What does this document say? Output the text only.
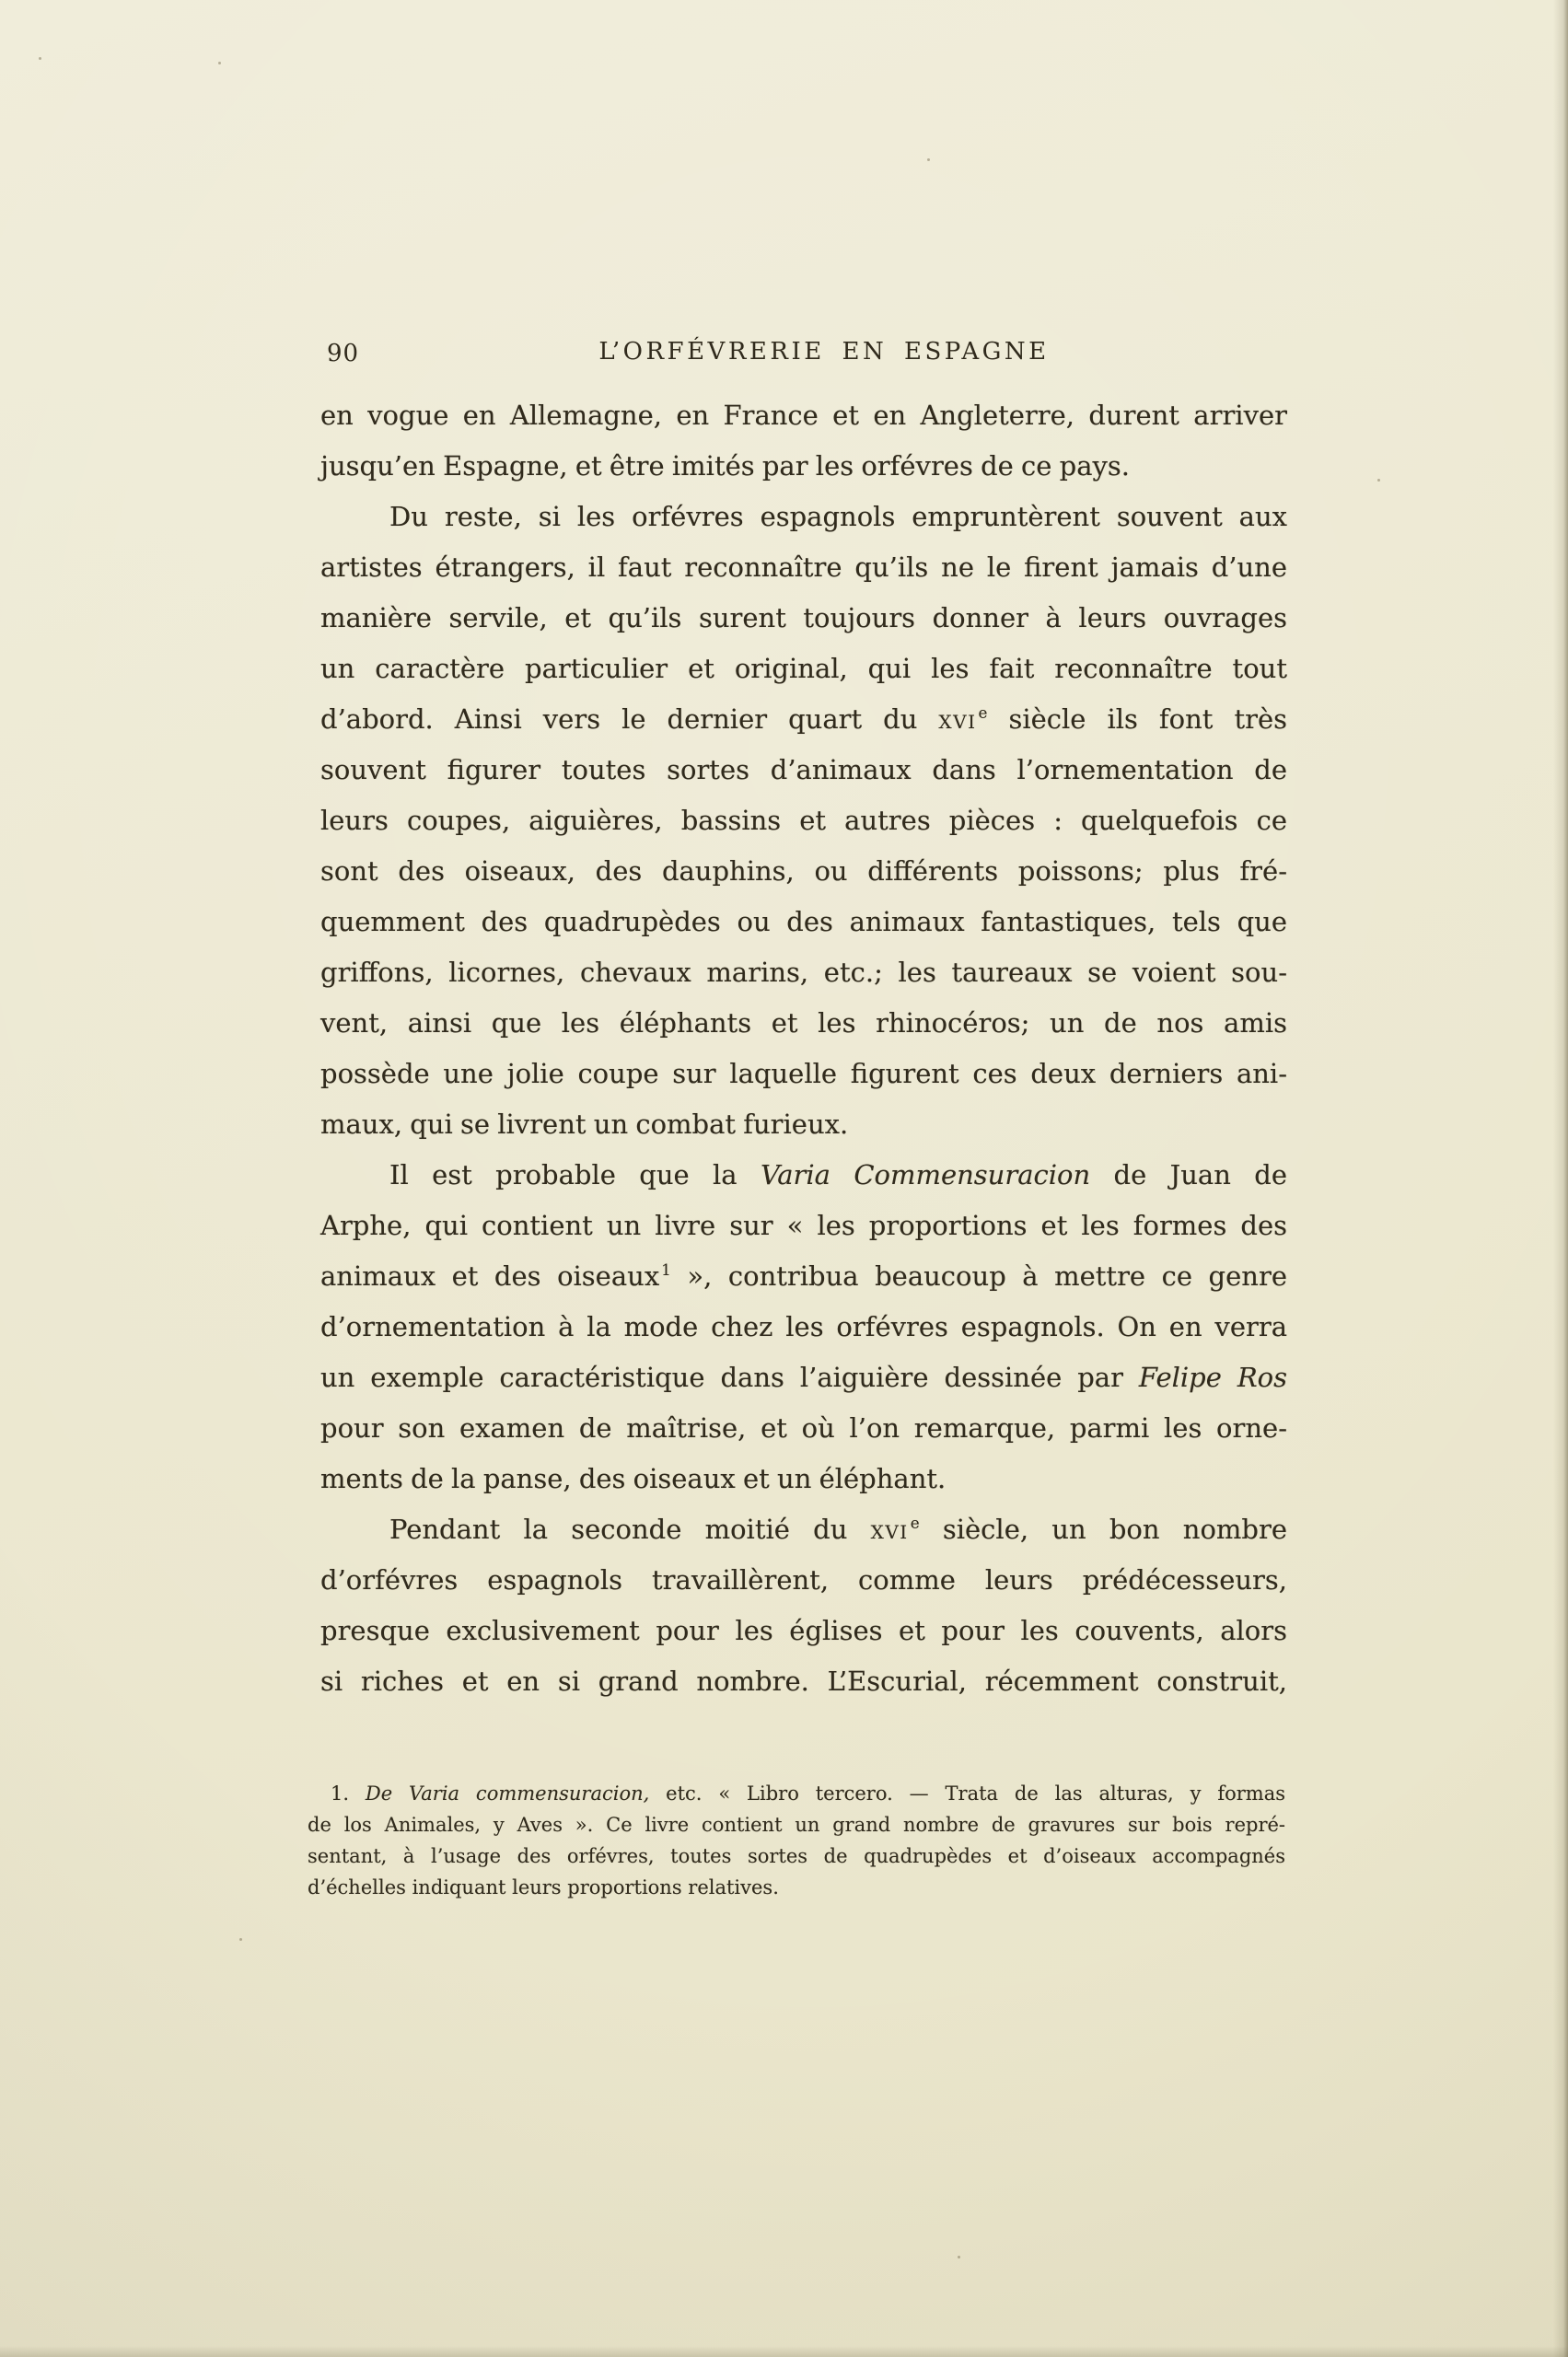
90	L’ORFÉVRERIE EN ESPAGNE
en vogue en Allemagne, en France et en Angleterre, durent arriver
jusqu’en Espagne, et être imités par les orfévres de ce pays.
Du reste, si les orfévres espagnols empruntèrent souvent aux
artistes étrangers, il faut reconnaître qu’ils ne le firent jamais d’une
manière servile, et qu’ils surent toujours donner à leurs ouvrages
un caractère particulier et original, qui les fait reconnaître tout
d’abord. Ainsi vers le dernier quart du xvi $^e$ siècle ils font très
souvent figurer toutes sortes d’animaux dans l’ornementation de
leurs coupes, aiguières, bassins et autres pièces : quelquefois ce
sont des oiseaux, des dauphins, ou différents poissons; plus fré-
quemment des quadrupèdes ou des animaux fantastiques, tels que
griffons, licornes, chevaux marins, etc.; les taureaux se voient sou-
vent, ainsi que les éléphants et les rhinocéros; un de nos amis
possède une jolie coupe sur laquelle figurent ces deux derniers ani-
maux, qui se livrent un combat furieux.
Il est probable que la Varia Commensuracion de Juan de
Arphe, qui contient un livre sur « les proportions et les formes des
animaux et des oiseaux $^1$ », contribua beaucoup à mettre ce genre
d’ornementation à la mode chez les orfévres espagnols. On en verra
un exemple caractéristique dans l’aiguière dessinée par Felipe Ros
pour son examen de maîtrise, et où l’on remarque, parmi les orne-
ments de la panse, des oiseaux et un éléphant.
Pendant la seconde moitié du xvi $^e$ siècle, un bon nombre
d’orfévres espagnols travaillèrent, comme leurs prédécesseurs,
presque exclusivement pour les églises et pour les couvents, alors
si riches et en si grand nombre. L’Escurial, récemment construit,
1. De Varia commensuracion, etc. « Libro tercero. — Trata de las alturas, y formas
de los Animales, y Aves ». Ce livre contient un grand nombre de gravures sur bois repré-
sentant, à l’usage des orfévres, toutes sortes de quadrupèdes et d’oiseaux accompagnés
d’échelles indiquant leurs proportions relatives.
